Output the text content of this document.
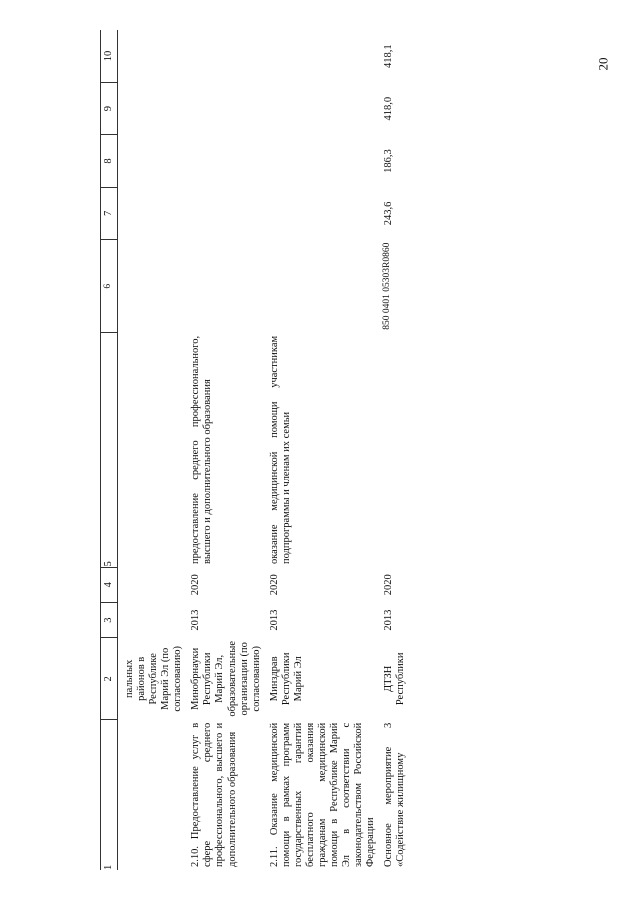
20

1	2	3	4	5	6	7	8	9	10

	пальных районов в Республике Марий Эл (по согласованию)								

2.10. Предоставление услуг в сфере среднего профессионального, высшего и дополнительного образования	Минобрнауки Республики Марий Эл, образовательные организации (по согласованию)	2013	2020	предоставление среднего профессионального, высшего и дополнительного образования					

2.11. Оказание медицинской помощи в рамках программ государственных гарантий бесплатного оказания гражданам медицинской помощи в Республике Марий Эл в соответствии с законодательством Российской Федерации	Минздрав Республики Марий Эл	2013	2020	оказание медицинской помощи участникам подпрограммы и членам их семьи					

Основное мероприятие 3 «Содействие жилищному	ДТЗН Республики	2013	2020		850 0401 05303R0860	243,6	186,3	418,0	418,1
